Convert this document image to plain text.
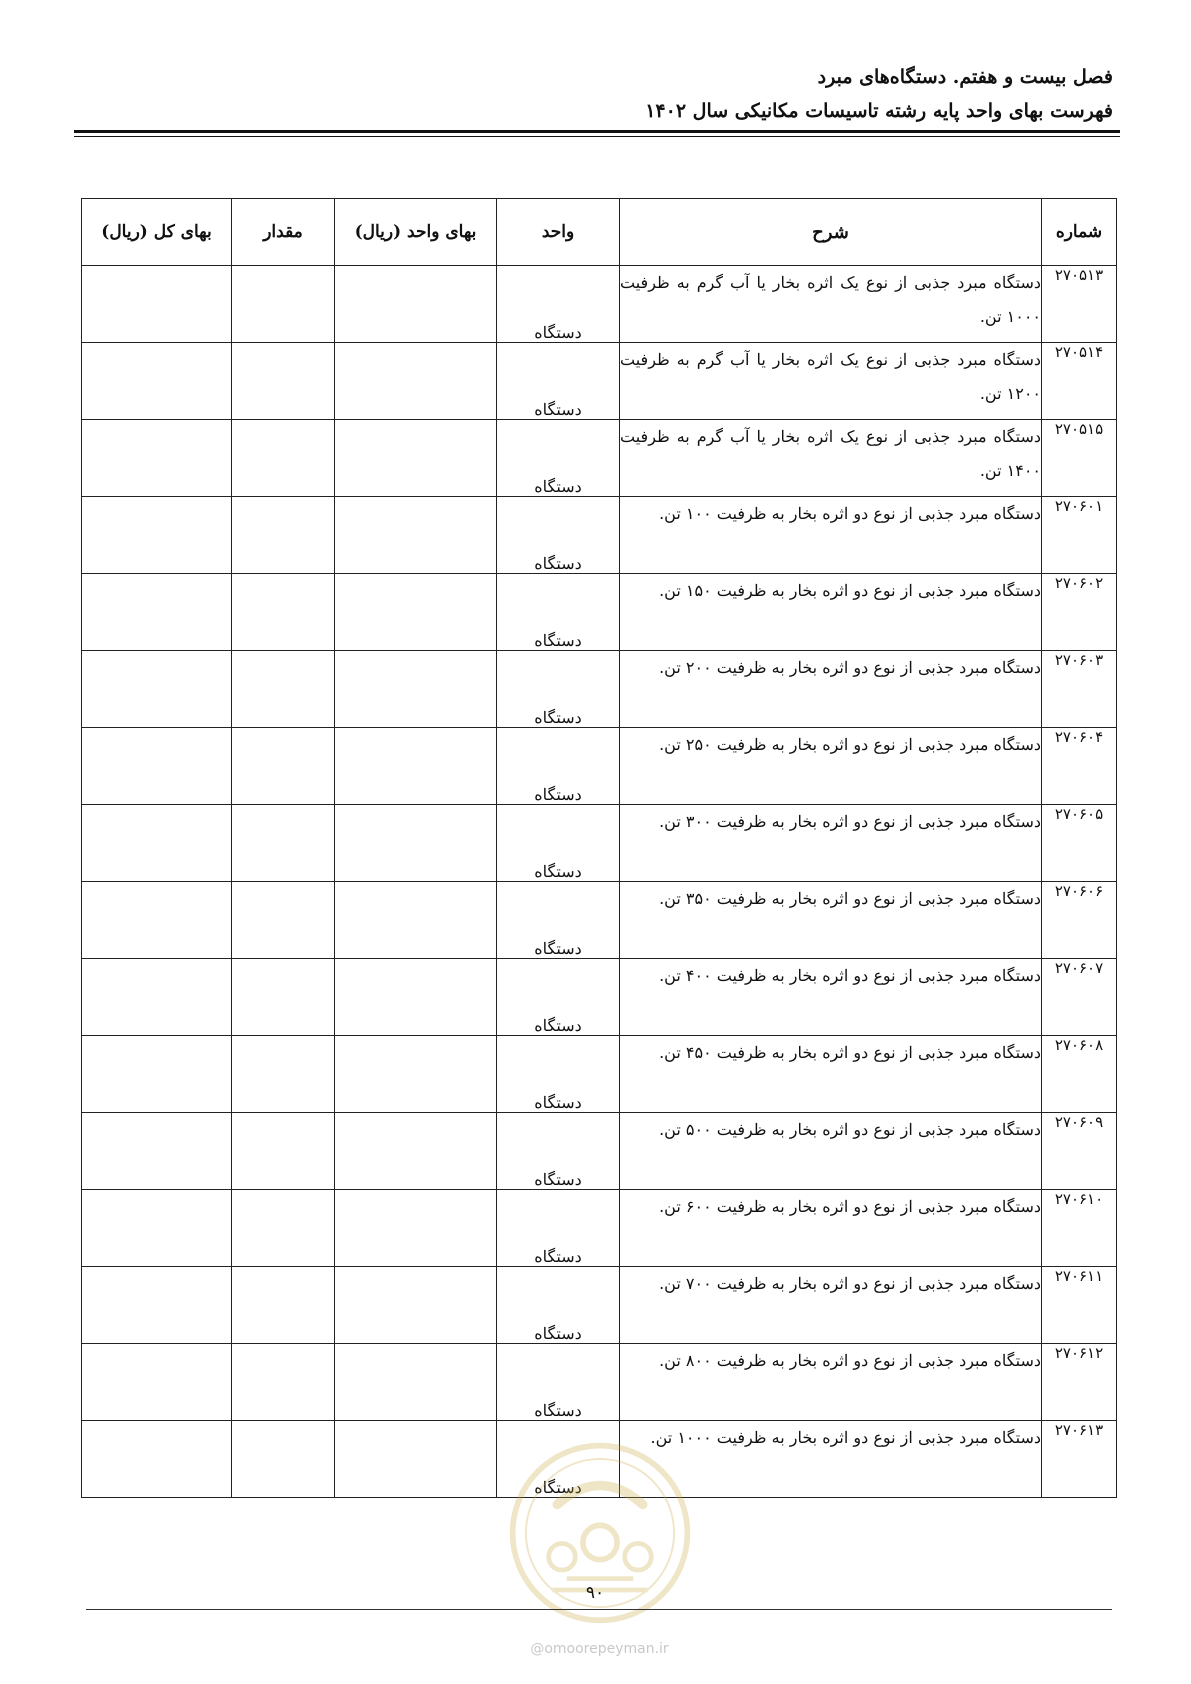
فصل بیست و هفتم. دستگاه‌های مبرد
فهرست بهای واحد پایه رشته تاسیسات مکانیکی سال ۱۴۰۲
شماره	شرح	واحد	بهای واحد (ریال)	مقدار	بهای کل (ریال)
۲۷۰۵۱۳	دستگاه مبرد جذبی از نوع یک اثره بخار یا آب گرم به ظرفیت ۱۰۰۰ تن.	دستگاه			
۲۷۰۵۱۴	دستگاه مبرد جذبی از نوع یک اثره بخار یا آب گرم به ظرفیت ۱۲۰۰ تن.	دستگاه			
۲۷۰۵۱۵	دستگاه مبرد جذبی از نوع یک اثره بخار یا آب گرم به ظرفیت ۱۴۰۰ تن.	دستگاه			
۲۷۰۶۰۱	دستگاه مبرد جذبی از نوع دو اثره بخار به ظرفیت ۱۰۰ تن.	دستگاه			
۲۷۰۶۰۲	دستگاه مبرد جذبی از نوع دو اثره بخار به ظرفیت ۱۵۰ تن.	دستگاه			
۲۷۰۶۰۳	دستگاه مبرد جذبی از نوع دو اثره بخار به ظرفیت ۲۰۰ تن.	دستگاه			
۲۷۰۶۰۴	دستگاه مبرد جذبی از نوع دو اثره بخار به ظرفیت ۲۵۰ تن.	دستگاه			
۲۷۰۶۰۵	دستگاه مبرد جذبی از نوع دو اثره بخار به ظرفیت ۳۰۰ تن.	دستگاه			
۲۷۰۶۰۶	دستگاه مبرد جذبی از نوع دو اثره بخار به ظرفیت ۳۵۰ تن.	دستگاه			
۲۷۰۶۰۷	دستگاه مبرد جذبی از نوع دو اثره بخار به ظرفیت ۴۰۰ تن.	دستگاه			
۲۷۰۶۰۸	دستگاه مبرد جذبی از نوع دو اثره بخار به ظرفیت ۴۵۰ تن.	دستگاه			
۲۷۰۶۰۹	دستگاه مبرد جذبی از نوع دو اثره بخار به ظرفیت ۵۰۰ تن.	دستگاه			
۲۷۰۶۱۰	دستگاه مبرد جذبی از نوع دو اثره بخار به ظرفیت ۶۰۰ تن.	دستگاه			
۲۷۰۶۱۱	دستگاه مبرد جذبی از نوع دو اثره بخار به ظرفیت ۷۰۰ تن.	دستگاه			
۲۷۰۶۱۲	دستگاه مبرد جذبی از نوع دو اثره بخار به ظرفیت ۸۰۰ تن.	دستگاه			
۲۷۰۶۱۳	دستگاه مبرد جذبی از نوع دو اثره بخار به ظرفیت ۱۰۰۰ تن.	دستگاه			
۹۰
@omoorepeyman.ir
